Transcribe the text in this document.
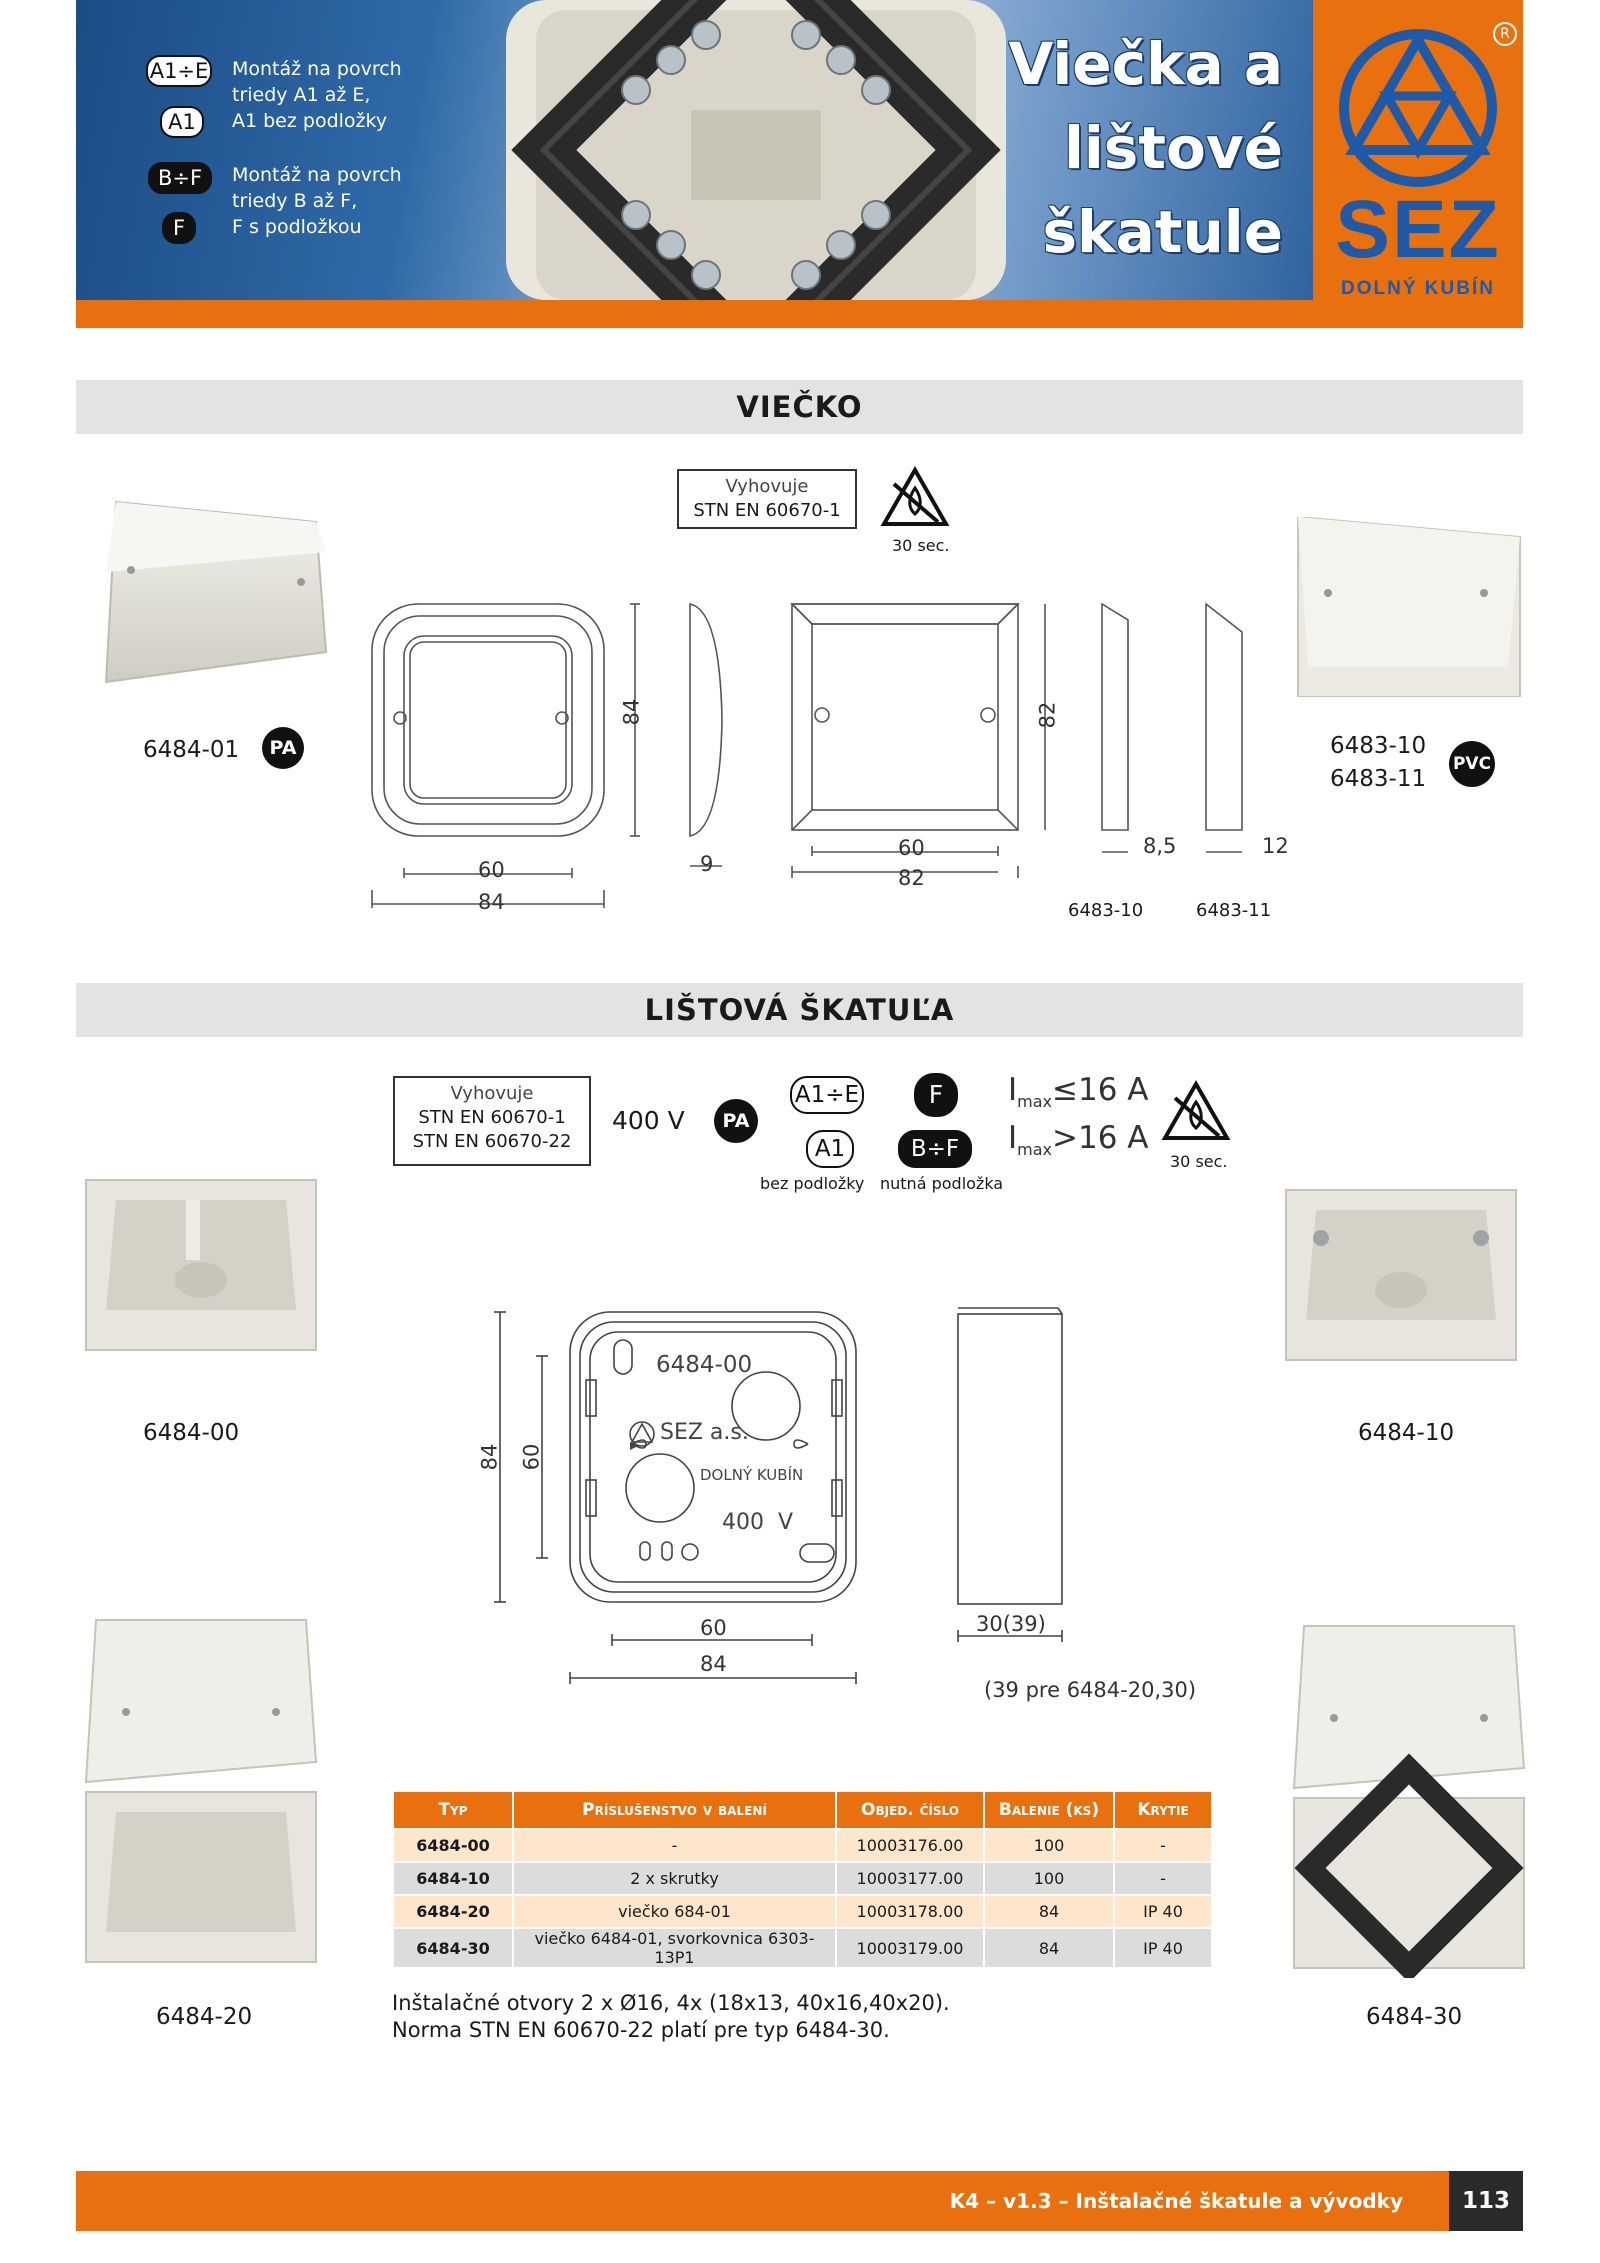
A1÷E Montáž na povrch
triedy A1 až E,
A1 bez podložky
A1
B÷F	Montáž na povrch
triedy B až F,
F s podložkou
F
Viečka a
lištové
škatule
R
SEZ
DOLNÝ KUBÍN
VIEČKO
Vyhovuje
STN EN 60670-1
30 sec.
6484-01	PA	6483-10
6483-11
PVC
84
60
84
9
82
60
82
8,5	12
6483-10	6483-11
LIŠTOVÁ ŠKATUĽA
Vyhovuje
STN EN 60670-1
STN EN 60670-22
400 V	PA
A1÷E
A1
F
B÷F
bez podložky nutná podložka
$I_{max}\le 16$ A
$I_{max}>16$ A
30 sec.
6484-00	6484-10
6484-20	6484-30
6484-00
SEZ a.s.
DOLNÝ KUBÍN
400  V
84 60
60
84
30(39)
(39 pre 6484-20,30)
Typ	Príslušenstvo v balení	Objed. číslo	Balenie (ks)	Krytie
6484-00	-	10003176.00	100	-
6484-10	2 x skrutky	10003177.00	100	-
6484-20	viečko 684-01	10003178.00	84	IP 40
6484-30	viečko 6484-01, svorkovnica 6303-13P1	10003179.00	84	IP 40
Inštalačné otvory 2 x Ø16, 4x (18x13, 40x16,40x20).
Norma STN EN 60670-22 platí pre typ 6484-30.
K4 – v1.3 – Inštalačné škatule a vývodky	113
